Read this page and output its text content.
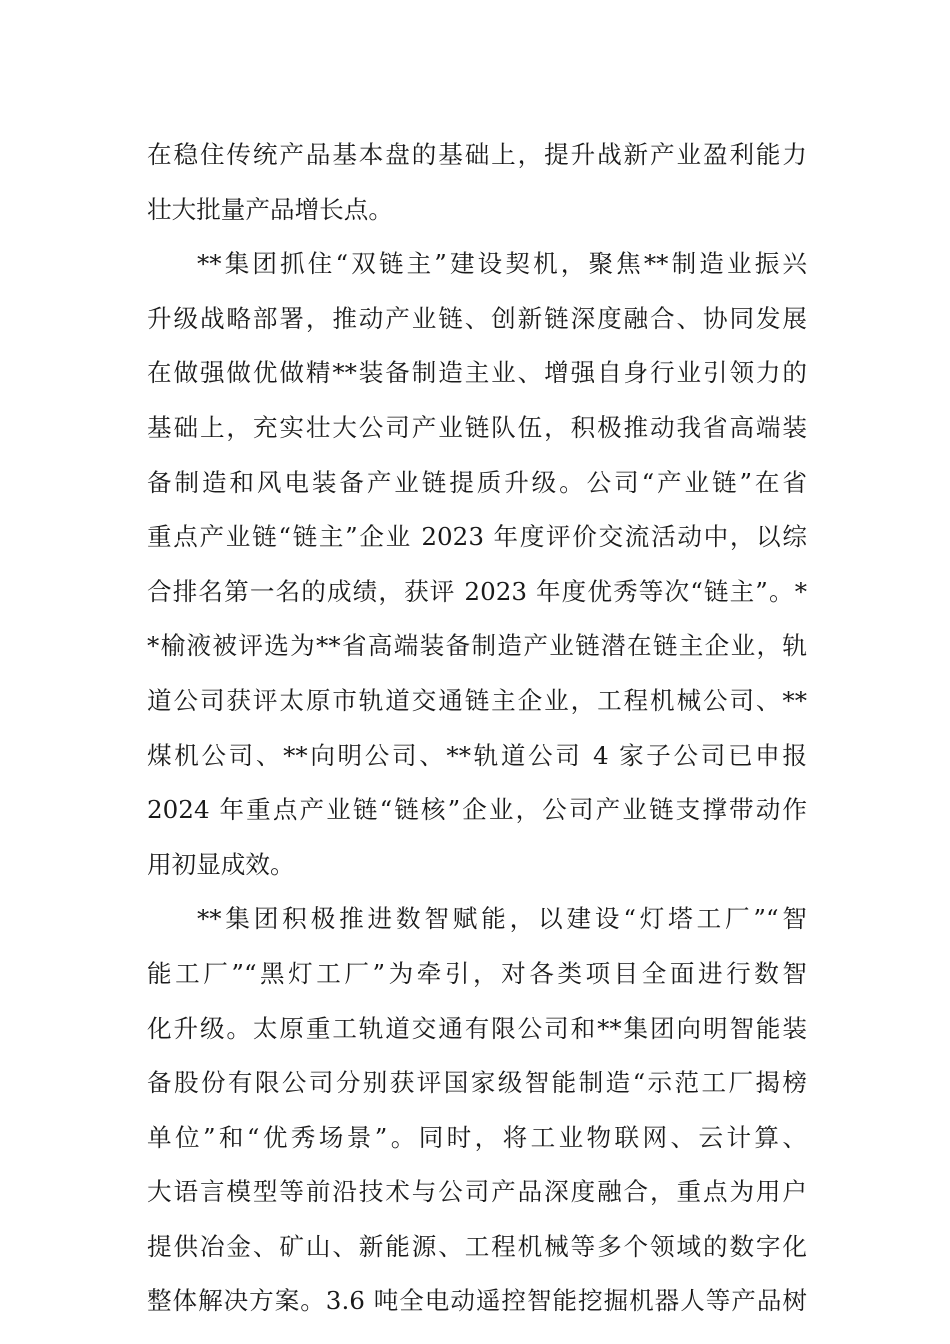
在稳住传统产品基本盘的基础上，提升战新产业盈利能力
壮大批量产品增长点。
**集团抓住“双链主”建设契机，聚焦**制造业振兴
升级战略部署，推动产业链、创新链深度融合、协同发展
在做强做优做精**装备制造主业、增强自身行业引领力的
基础上，充实壮大公司产业链队伍，积极推动我省高端装
备制造和风电装备产业链提质升级。公司“产业链”在省
重点产业链“链主”企业 2023 年度评价交流活动中，以综
合排名第一名的成绩，获评 2023 年度优秀等次“链主”。*
*榆液被评选为**省高端装备制造产业链潜在链主企业，轨
道公司获评太原市轨道交通链主企业，工程机械公司、**
煤机公司、**向明公司、**轨道公司 4 家子公司已申报
2024 年重点产业链“链核”企业，公司产业链支撑带动作
用初显成效。
**集团积极推进数智赋能，以建设“灯塔工厂”“智
能工厂”“黑灯工厂”为牵引，对各类项目全面进行数智
化升级。太原重工轨道交通有限公司和**集团向明智能装
备股份有限公司分别获评国家级智能制造“示范工厂揭榜
单位”和“优秀场景”。同时，将工业物联网、云计算、
大语言模型等前沿技术与公司产品深度融合，重点为用户
提供冶金、矿山、新能源、工程机械等多个领域的数字化
整体解决方案。3.6 吨全电动遥控智能挖掘机器人等产品树
